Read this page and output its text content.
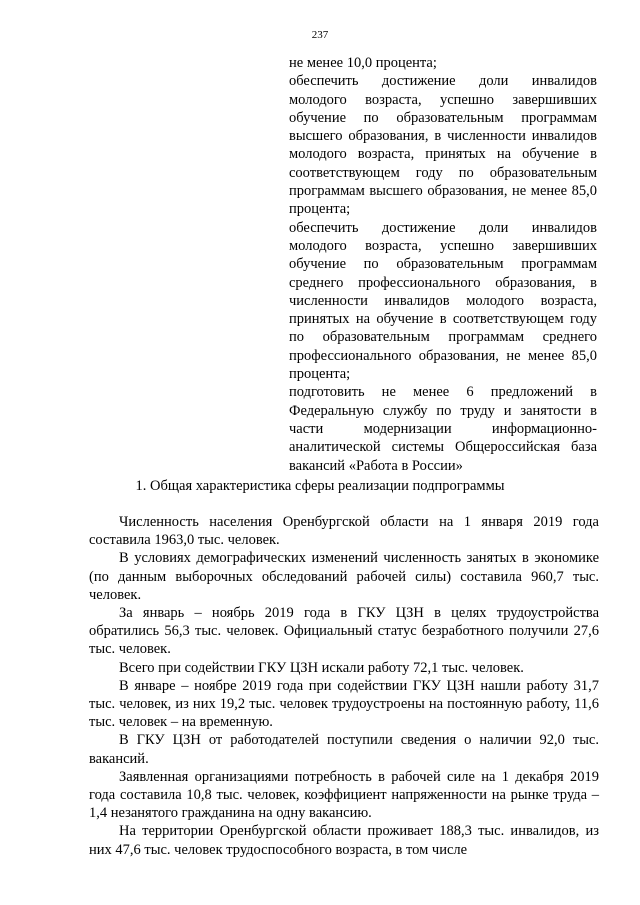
237

не менее 10,0 процента;

обеспечить достижение доли инвалидов молодого возраста, успешно завершивших обучение по образовательным программам высшего образования, в численности инвалидов молодого возраста, принятых на обучение в соответствующем году по образовательным программам высшего образования, не менее 85,0 процента;

обеспечить достижение доли инвалидов молодого возраста, успешно завершивших обучение по образовательным программам среднего профессионального образования, в численности инвалидов молодого возраста, принятых на обучение в соответствующем году по образовательным программам среднего профессионального образования, не менее 85,0 процента;

подготовить не менее 6 предложений в Федеральную службу по труду и занятости в части модернизации информационно-аналитической системы Общероссийская база вакансий «Работа в России»

1. Общая характеристика сферы реализации подпрограммы

Численность населения Оренбургской области на 1 января 2019 года составила 1963,0 тыс. человек.

В условиях демографических изменений численность занятых в экономике (по данным выборочных обследований рабочей силы) составила 960,7 тыс. человек.

За январь – ноябрь 2019 года в ГКУ ЦЗН в целях трудоустройства обратились 56,3 тыс. человек. Официальный статус безработного получили 27,6 тыс. человек.

Всего при содействии ГКУ ЦЗН искали работу 72,1 тыс. человек.

В январе – ноябре 2019 года при содействии ГКУ ЦЗН нашли работу 31,7 тыс. человек, из них 19,2 тыс. человек трудоустроены на постоянную работу, 11,6 тыс. человек – на временную.

В ГКУ ЦЗН от работодателей поступили сведения о наличии 92,0 тыс. вакансий.

Заявленная организациями потребность в рабочей силе на 1 декабря 2019 года составила 10,8 тыс. человек, коэффициент напряженности на рынке труда – 1,4 незанятого гражданина на одну вакансию.

На территории Оренбургской области проживает 188,3 тыс. инвалидов, из них 47,6 тыс. человек трудоспособного возраста, в том числе
